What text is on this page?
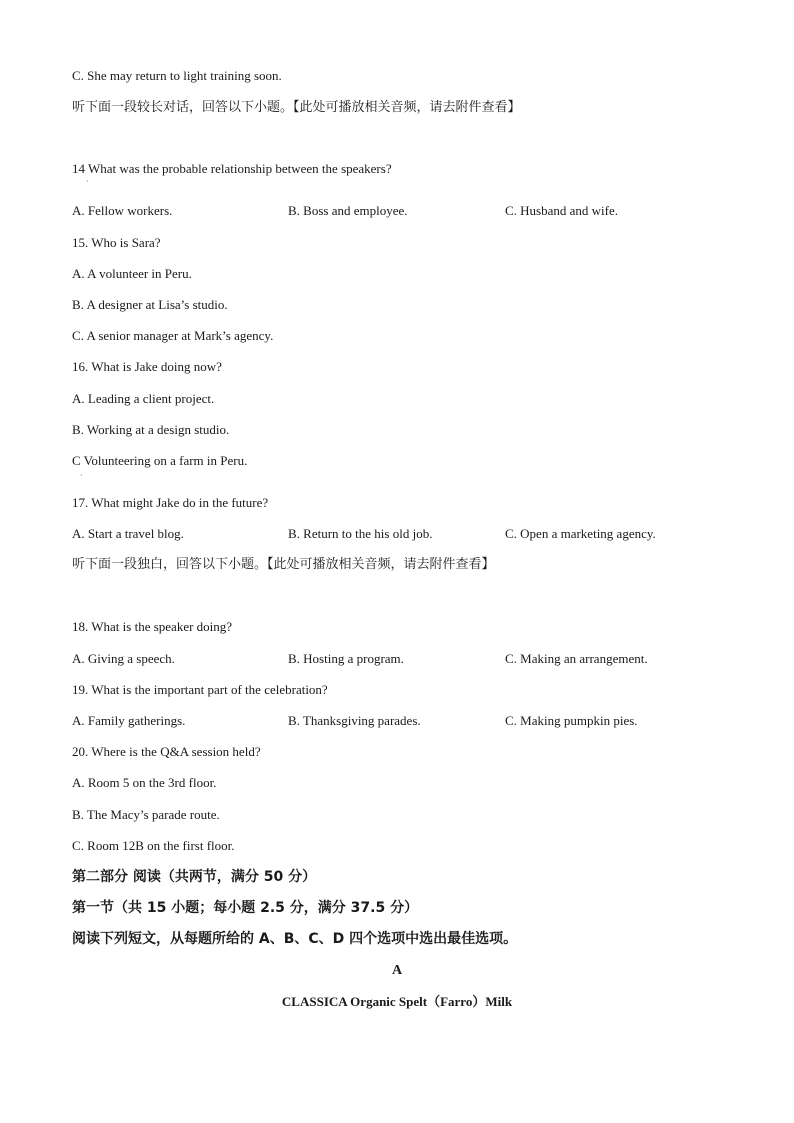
C. She may return to light training soon.
听下面一段较长对话，回答以下小题。【此处可播放相关音频，请去附件查看】
14 What was the probable relationship between the speakers?
·
A. Fellow workers.	B. Boss and employee.	C. Husband and wife.
15. Who is Sara?
A. A volunteer in Peru.
B. A designer at Lisa’s studio.
C. A senior manager at Mark’s agency.
16. What is Jake doing now?
A. Leading a client project.
B. Working at a design studio.
C Volunteering on a farm in Peru.
·
17. What might Jake do in the future?
A. Start a travel blog.	B. Return to the his old job.	C. Open a marketing agency.
听下面一段独白，回答以下小题。【此处可播放相关音频，请去附件查看】
18. What is the speaker doing?
A. Giving a speech.	B. Hosting a program.	C. Making an arrangement.
19. What is the important part of the celebration?
A. Family gatherings.	B. Thanksgiving parades.	C. Making pumpkin pies.
20. Where is the Q&A session held?
A. Room 5 on the 3rd floor.
B. The Macy’s parade route.
C. Room 12B on the first floor.
第二部分 阅读（共两节，满分 50 分）
第一节（共 15 小题；每小题 2.5 分，满分 37.5 分）
阅读下列短文，从每题所给的 A、B、C、D 四个选项中选出最佳选项。
A
CLASSICA Organic Spelt（Farro）Milk
